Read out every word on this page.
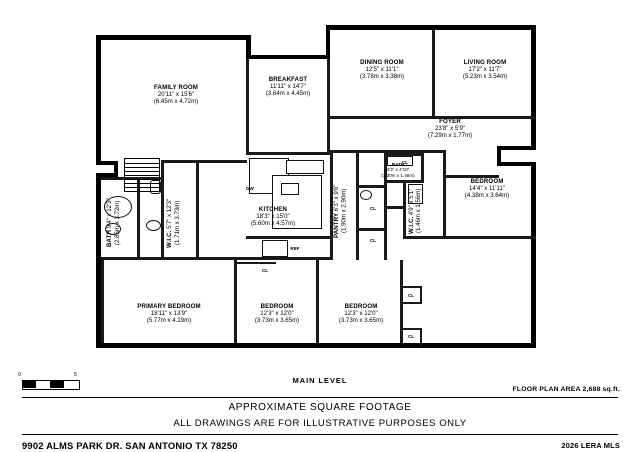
FAMILY ROOM
20'11" x 15'6"
(6.45m x 4.72m)
BREAKFAST
11'11" x 14'7"
(3.64m x 4.45m)
DINING ROOM
12'5" x 11'1"
(3.78m x 3.38m)
LIVING ROOM
17'2" x 11'7"
(5.23m x 3.54m)
FOYER
23'8" x 5'9"
(7.29m x 1.77m)
BEDROOM
14'4" x 11'11"
(4.38m x 3.64m)
KITCHEN
18'3" x 15'0"
(5.60m x 4.57m)
PRIMARY BEDROOM
18'11" x 13'9"
(5.77m x 4.19m)
BEDROOM
12'3" x 12'0"
(3.73m x 3.65m)
BEDROOM
12'3" x 12'0"
(3.73m x 3.65m)
BATH 9'4" x 12'3" (2.85m x 3.72m)	W.I.C. 5'7" x 12'3" (1.71m x 3.73m)	PANTRY 6'3" x 9'6" (1.90m x 2.90m)	W.I.C. 4'9" x 5'1" (1.46m x 1.56m)
BATH
4'3" x 4'10"
(1.30m x 1.48m)
CL
CL
CL
CL
CL
CL
REF
DW
MAIN LEVEL
FLOOR PLAN AREA 2,688 sq.ft.
0	5
APPROXIMATE SQUARE FOOTAGE
ALL DRAWINGS ARE FOR ILLUSTRATIVE PURPOSES ONLY
9902 ALMS PARK DR. SAN ANTONIO TX 78250	2026 LERA MLS
